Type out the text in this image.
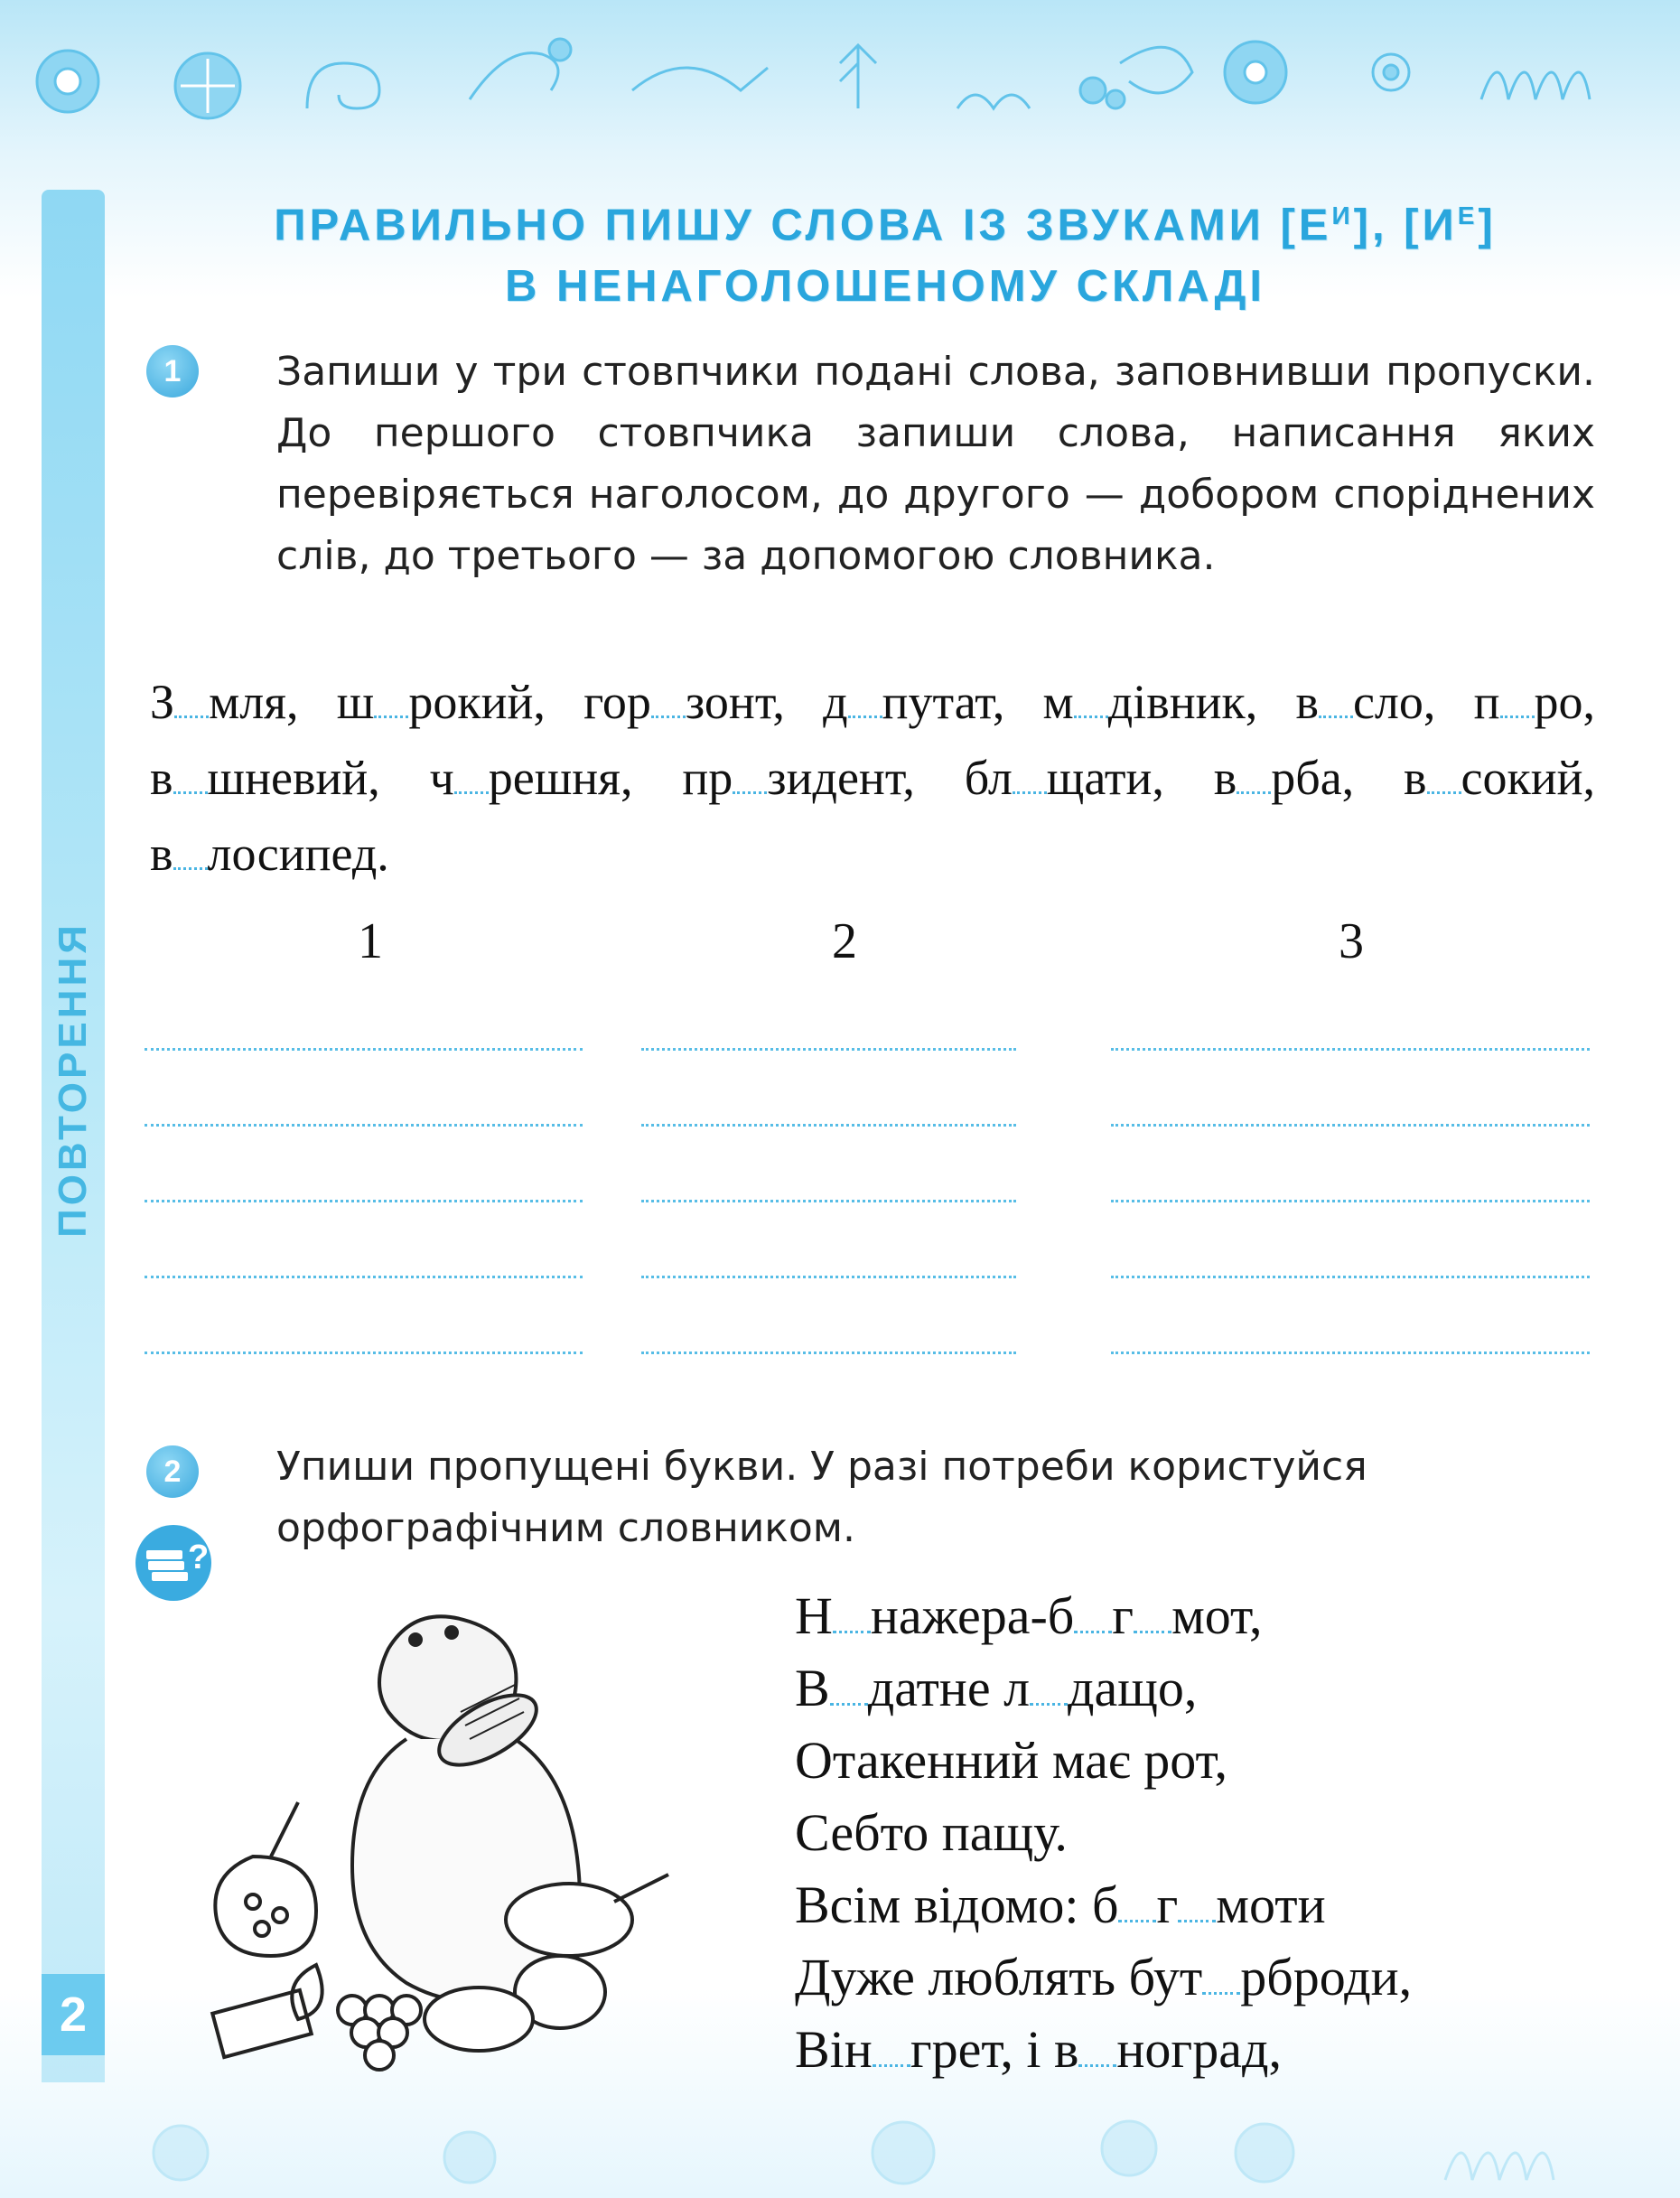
ПОВТОРЕННЯ
2
ПРАВИЛЬНО ПИШУ СЛОВА ІЗ ЗВУКАМИ $[Е^И]$, $[И^Е]$
В НЕНАГОЛОШЕНОМУ СКЛАДІ
1	Запиши у три стовпчики подані слова, заповнивши пропуски. До першого стовпчика запиши слова, написання яких перевіряється наголосом, до другого — добором споріднених слів, до третього — за допомогою словника.
З мля, ш рокий, гор зонт, д путат, м дівник, в сло, п ро, в шневий, ч решня, пр зидент, бл щати, в рба, в сокий, в лосипед.
1	2	3
2
?
Упиши пропущені букви. У разі потреби користуйся орфографічним словником.
Н нажера-б г мот,
В датне л дащо,
Отакенний має рот,
Себто пащу.
Всім відомо: б г моти
Дуже люблять бут рброди,
Він грет, і в ноград,
